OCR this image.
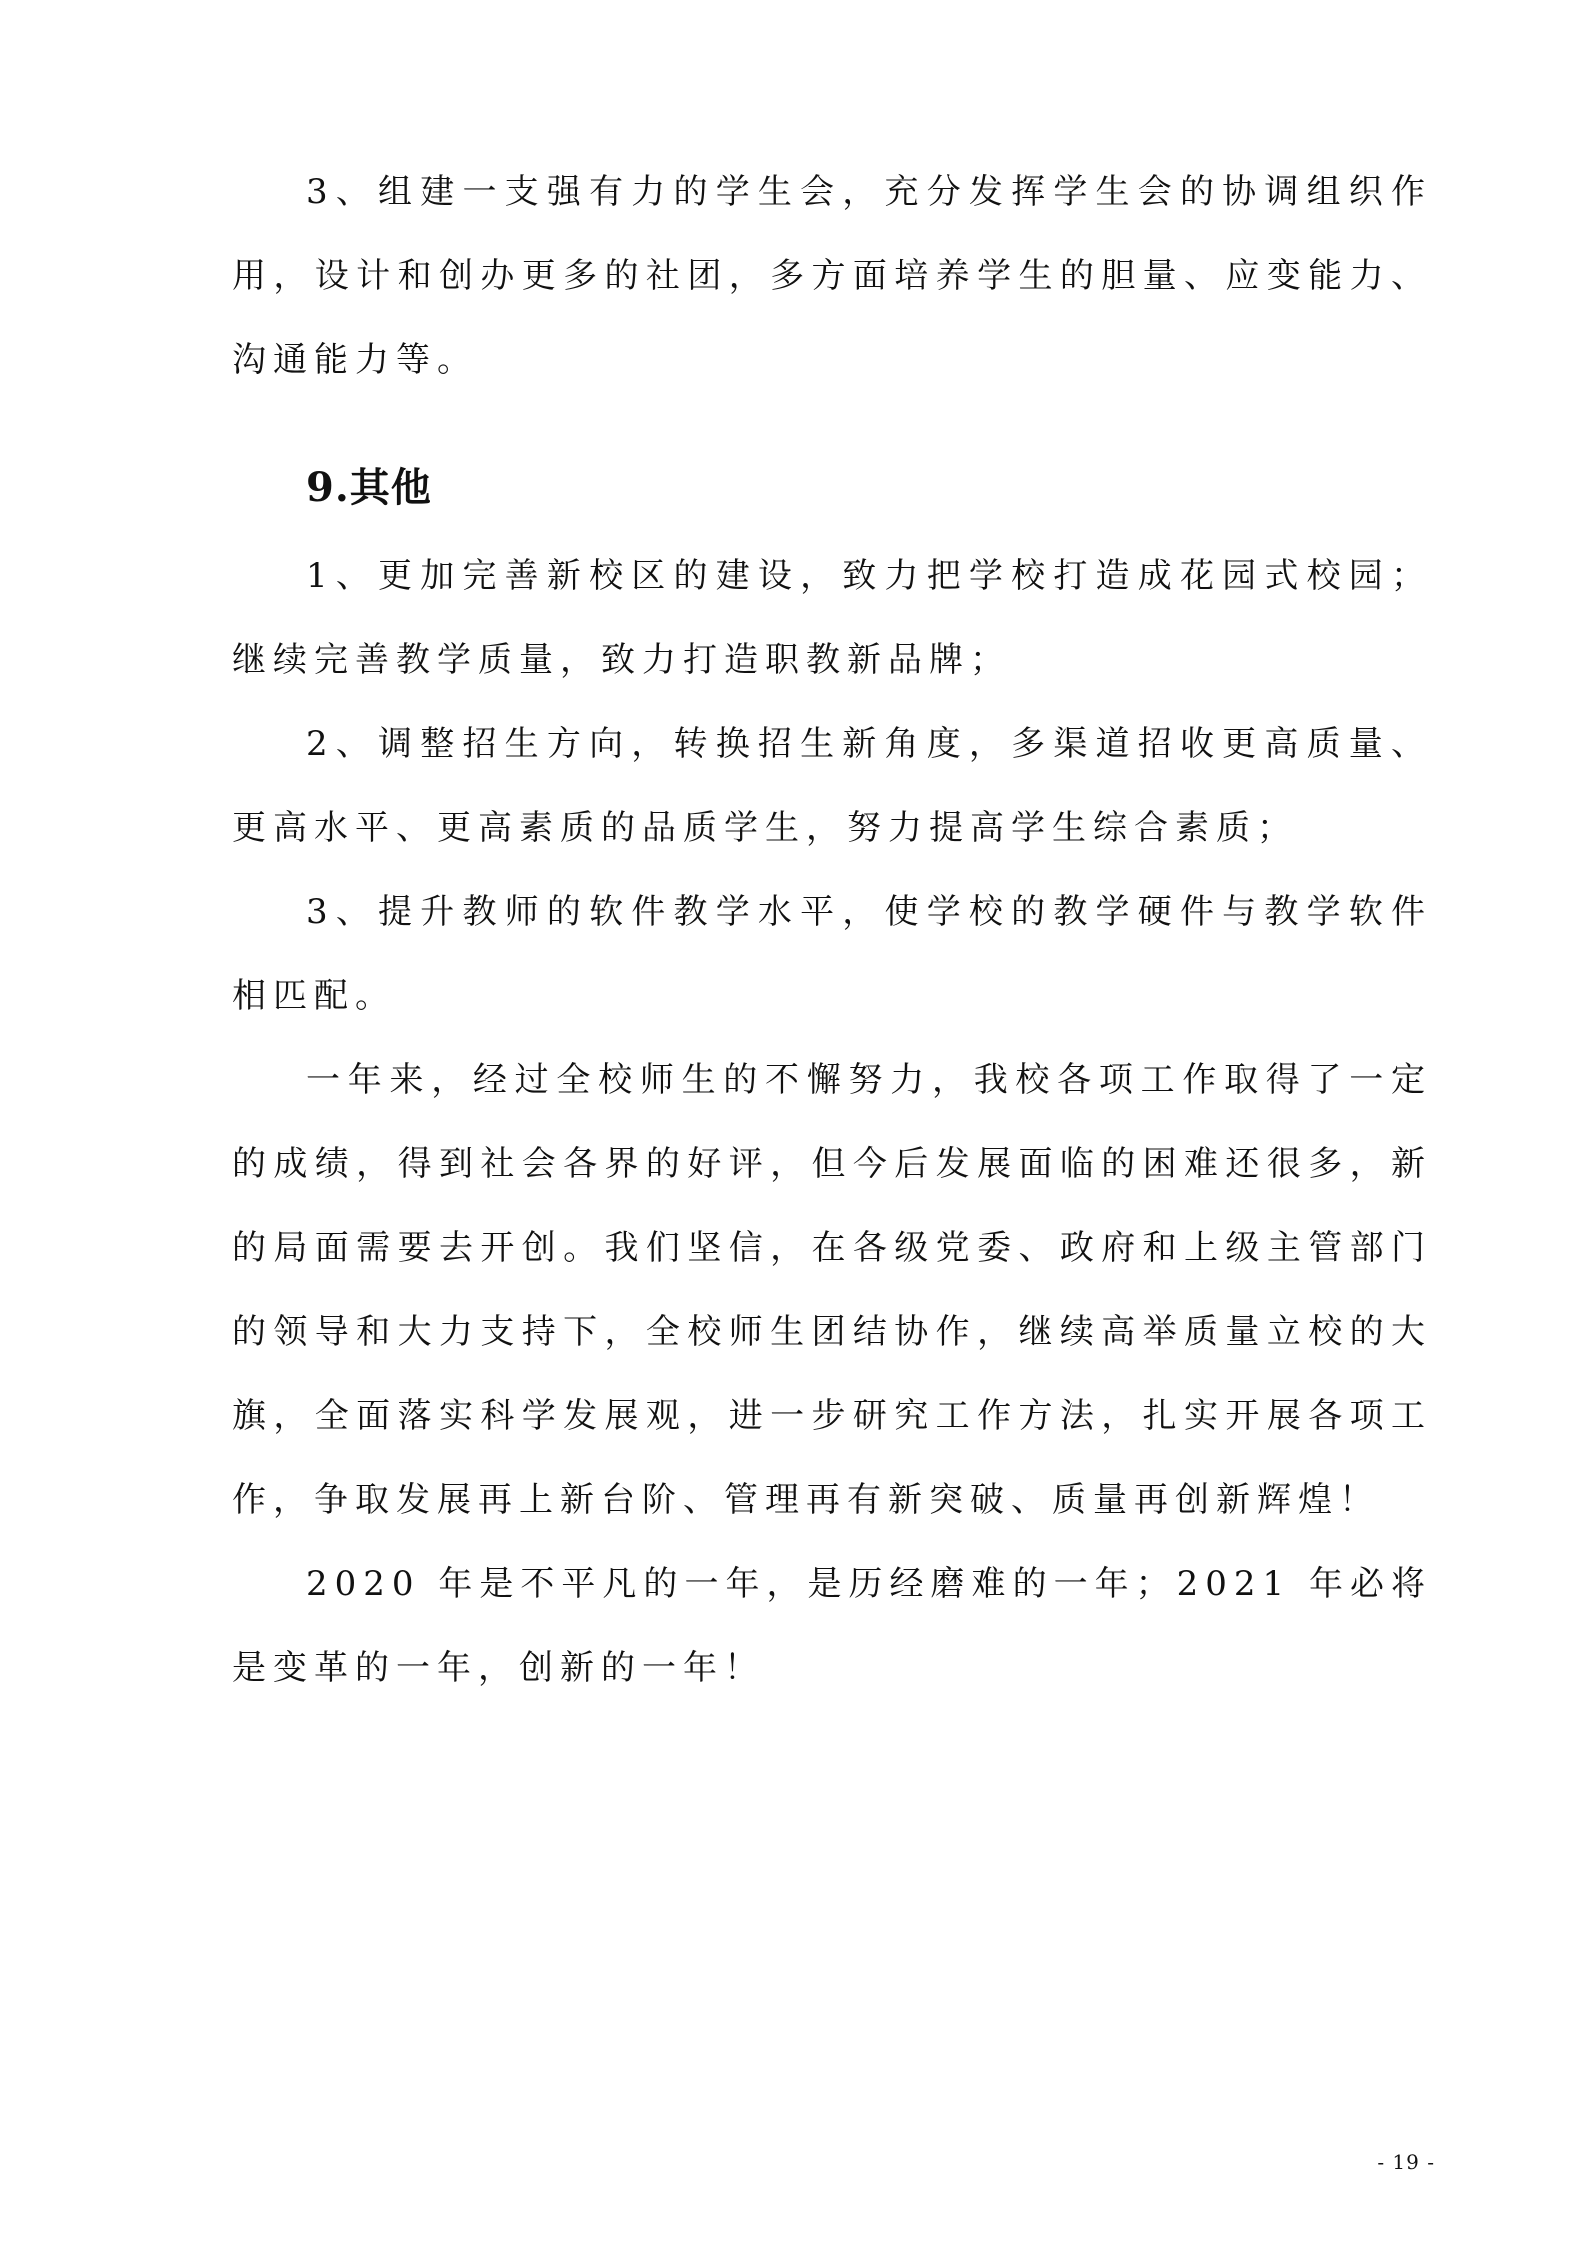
3、组建一支强有力的学生会，充分发挥学生会的协调组织作用，设计和创办更多的社团，多方面培养学生的胆量、应变能力、沟通能力等。

9.其他

1、更加完善新校区的建设，致力把学校打造成花园式校园；继续完善教学质量，致力打造职教新品牌；

2、调整招生方向，转换招生新角度，多渠道招收更高质量、更高水平、更高素质的品质学生，努力提高学生综合素质；

3、提升教师的软件教学水平，使学校的教学硬件与教学软件相匹配。

一年来，经过全校师生的不懈努力，我校各项工作取得了一定的成绩，得到社会各界的好评，但今后发展面临的困难还很多，新的局面需要去开创。我们坚信，在各级党委、政府和上级主管部门的领导和大力支持下，全校师生团结协作，继续高举质量立校的大旗，全面落实科学发展观，进一步研究工作方法，扎实开展各项工作，争取发展再上新台阶、管理再有新突破、质量再创新辉煌！

2020 年是不平凡的一年，是历经磨难的一年；2021 年必将是变革的一年，创新的一年！

- 19 -
